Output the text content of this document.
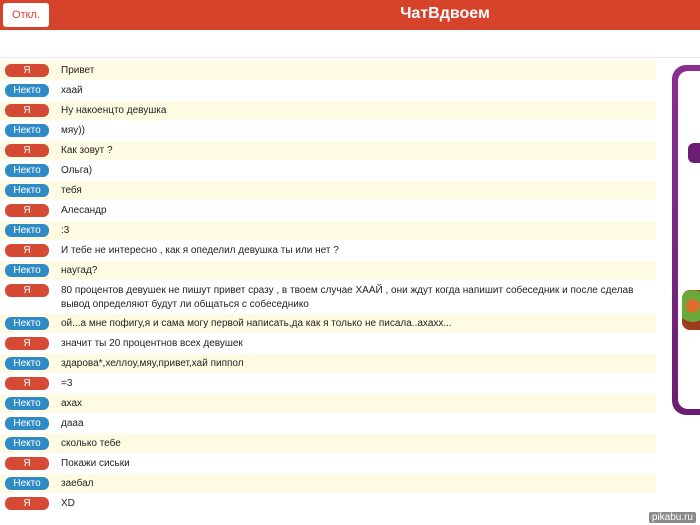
Откл.	ЧатВдвоем
Я	Привет
Некто	хаай
Я	Ну накоенцто девушка
Некто	мяу))
Я	Как зовут ?
Некто	Ольга)
Некто	тебя
Я	Алесандр
Некто	:3
Я	И тебе не интересно , как я опеделил девушка ты или нет ?
Некто	наугад?
Я	80 процентов девушек не пишут привет сразу , в твоем случае ХААЙ , они ждут когда напишит собеседник и после сделав вывод определяют будут ли общаться с собеседнико
Некто	ой...а мне пофигу,я и сама могу первой написать,да как я только не писала..ахахх...
Я	значит ты 20 процентнов всех девушек
Некто	здарова*,хеллоу,мяу,привет,хай пиппол
Я	=3
Некто	ахах
Некто	дааа
Некто	сколько тебе
Я	Покажи сиськи
Некто	заебал
Я	XD
pikabu.ru
